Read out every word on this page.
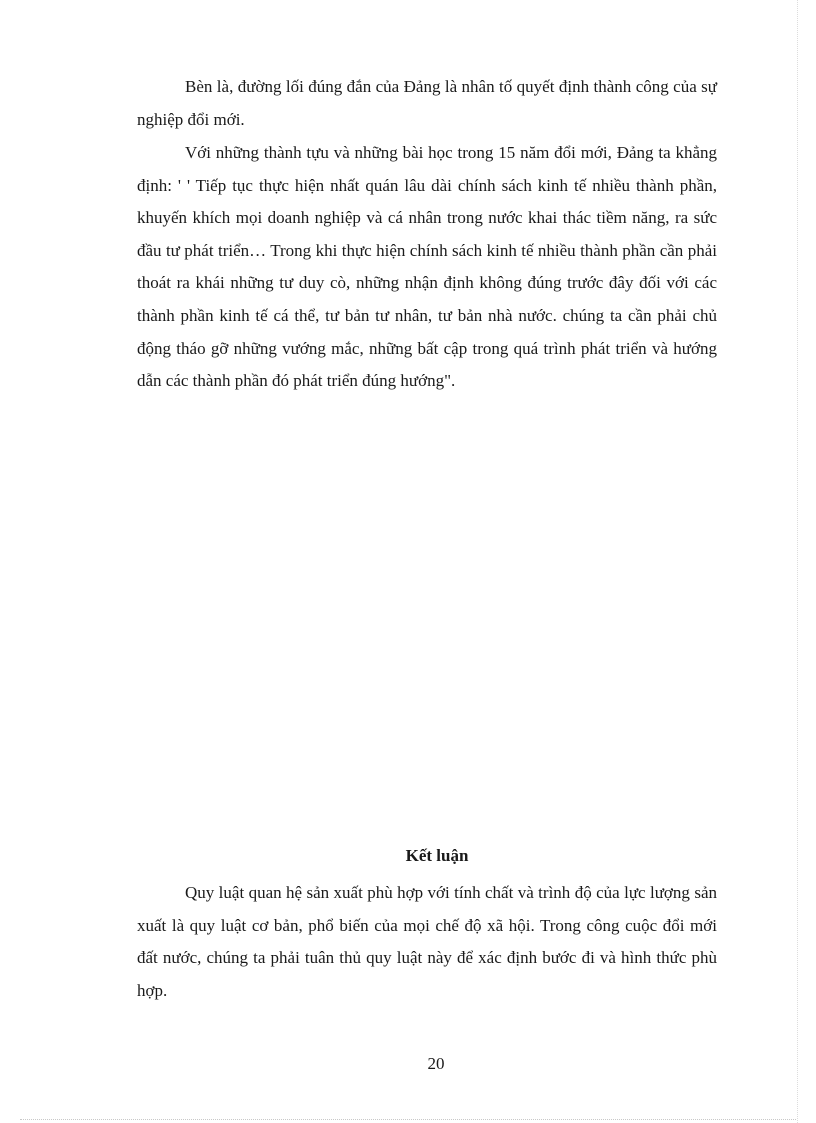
Bèn là, đường lối đúng đắn của Đảng là nhân tố quyết định thành công của sự nghiệp đổi mới.

Với những thành tựu và những bài học trong 15 năm đổi mới, Đảng ta khẳng định: ' ' Tiếp tục thực hiện nhất quán lâu dài chính sách kinh tế nhiều thành phần, khuyến khích mọi doanh nghiệp và cá nhân trong nước khai thác tiềm năng, ra sức đầu tư phát triển… Trong khi thực hiện chính sách kinh tế nhiều thành phần cần phải thoát ra khái những tư duy cò, những nhận định không đúng trước đây đối với các thành phần kinh tế cá thể, tư bản tư nhân, tư bản nhà nước. chúng ta cần phải chủ động tháo gỡ những vướng mắc, những bất cập trong quá trình phát triển và hướng dẫn các thành phần đó phát triển đúng hướng".

Kết luận

Quy luật quan hệ sản xuất phù hợp với tính chất và trình độ của lực lượng sản xuất là quy luật cơ bản, phổ biến của mọi chế độ xã hội. Trong công cuộc đổi mới đất nước, chúng ta phải tuân thủ quy luật này để xác định bước đi và hình thức phù hợp.

20
